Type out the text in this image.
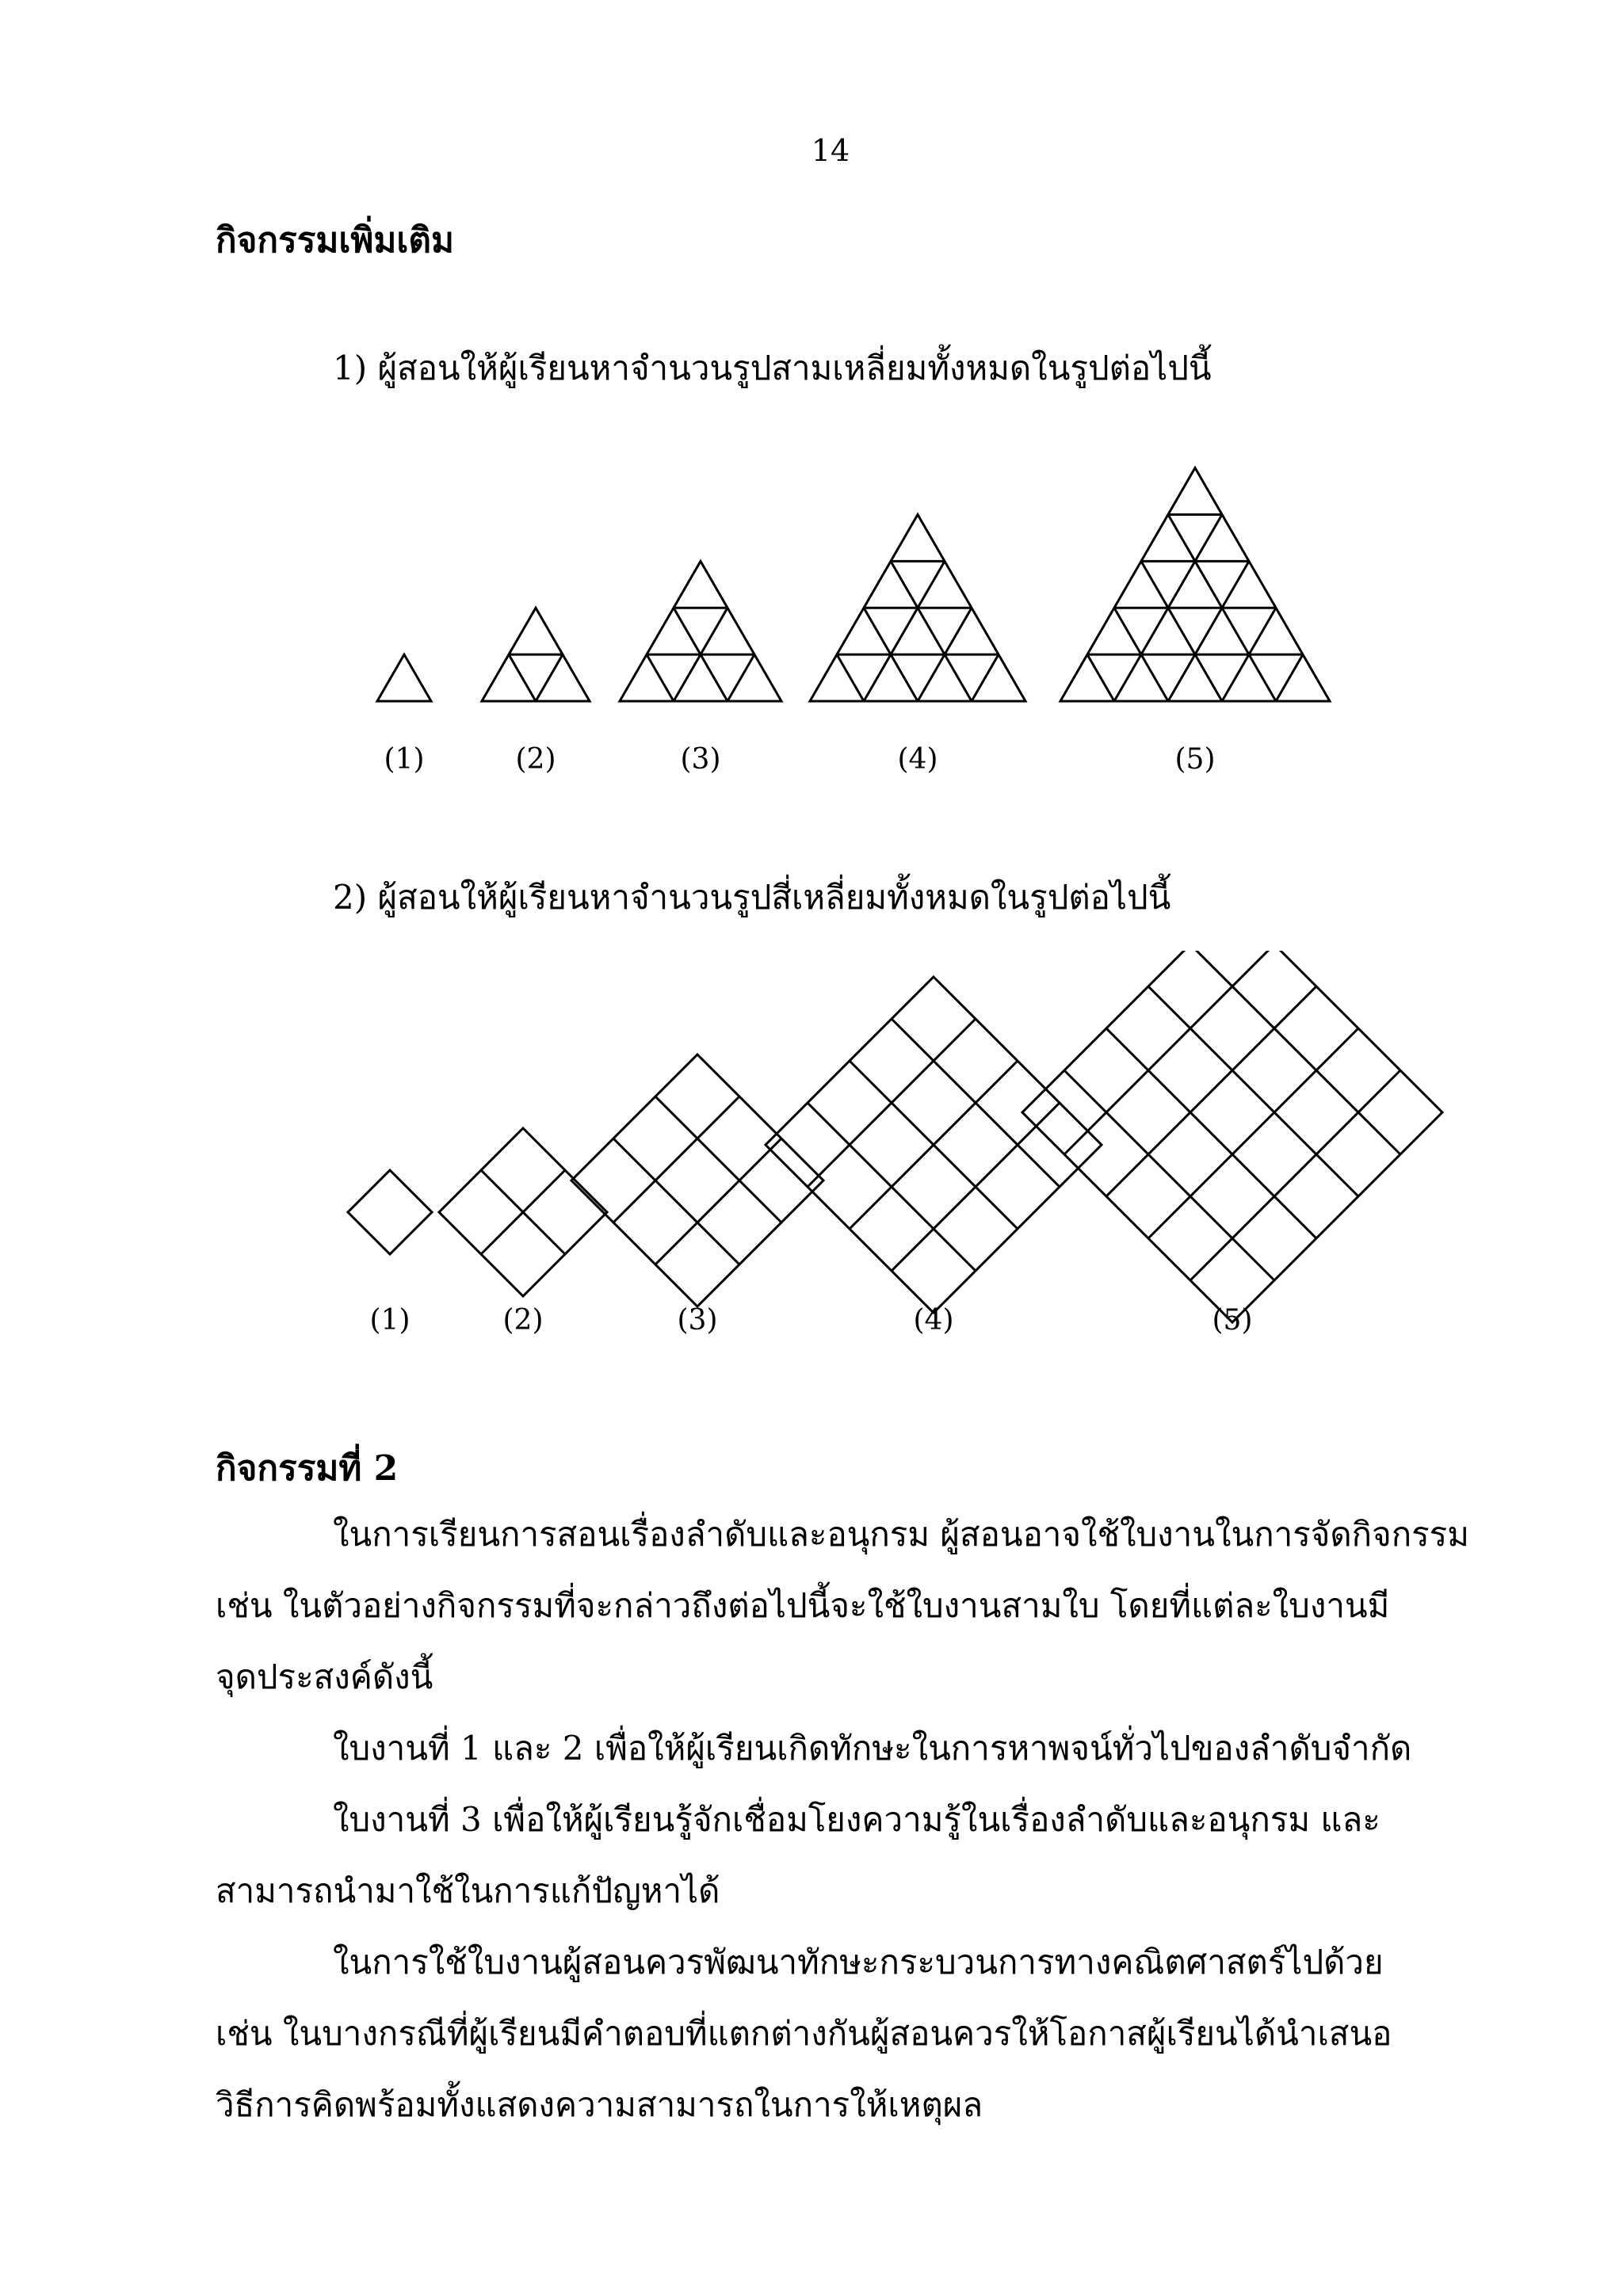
14
กิจกรรมเพิ่มเติม
1) ผู้สอนให้ผู้เรียนหาจำนวนรูปสามเหลี่ยมทั้งหมดในรูปต่อไปนี้
(1)	(2)	(3)	(4)	(5)
2) ผู้สอนให้ผู้เรียนหาจำนวนรูปสี่เหลี่ยมทั้งหมดในรูปต่อไปนี้
(1)	(2)	(3)	(4)	(5)
กิจกรรมที่ 2
ในการเรียนการสอนเรื่องลำดับและอนุกรม ผู้สอนอาจใช้ใบงานในการจัดกิจกรรม
เช่น ในตัวอย่างกิจกรรมที่จะกล่าวถึงต่อไปนี้จะใช้ใบงานสามใบ โดยที่แต่ละใบงานมี
จุดประสงค์ดังนี้
ใบงานที่ 1 และ 2 เพื่อให้ผู้เรียนเกิดทักษะในการหาพจน์ทั่วไปของลำดับจำกัด
ใบงานที่ 3 เพื่อให้ผู้เรียนรู้จักเชื่อมโยงความรู้ในเรื่องลำดับและอนุกรม และ
สามารถนำมาใช้ในการแก้ปัญหาได้
ในการใช้ใบงานผู้สอนควรพัฒนาทักษะกระบวนการทางคณิตศาสตร์ไปด้วย
เช่น ในบางกรณีที่ผู้เรียนมีคำตอบที่แตกต่างกันผู้สอนควรให้โอกาสผู้เรียนได้นำเสนอ
วิธีการคิดพร้อมทั้งแสดงความสามารถในการให้เหตุผล
